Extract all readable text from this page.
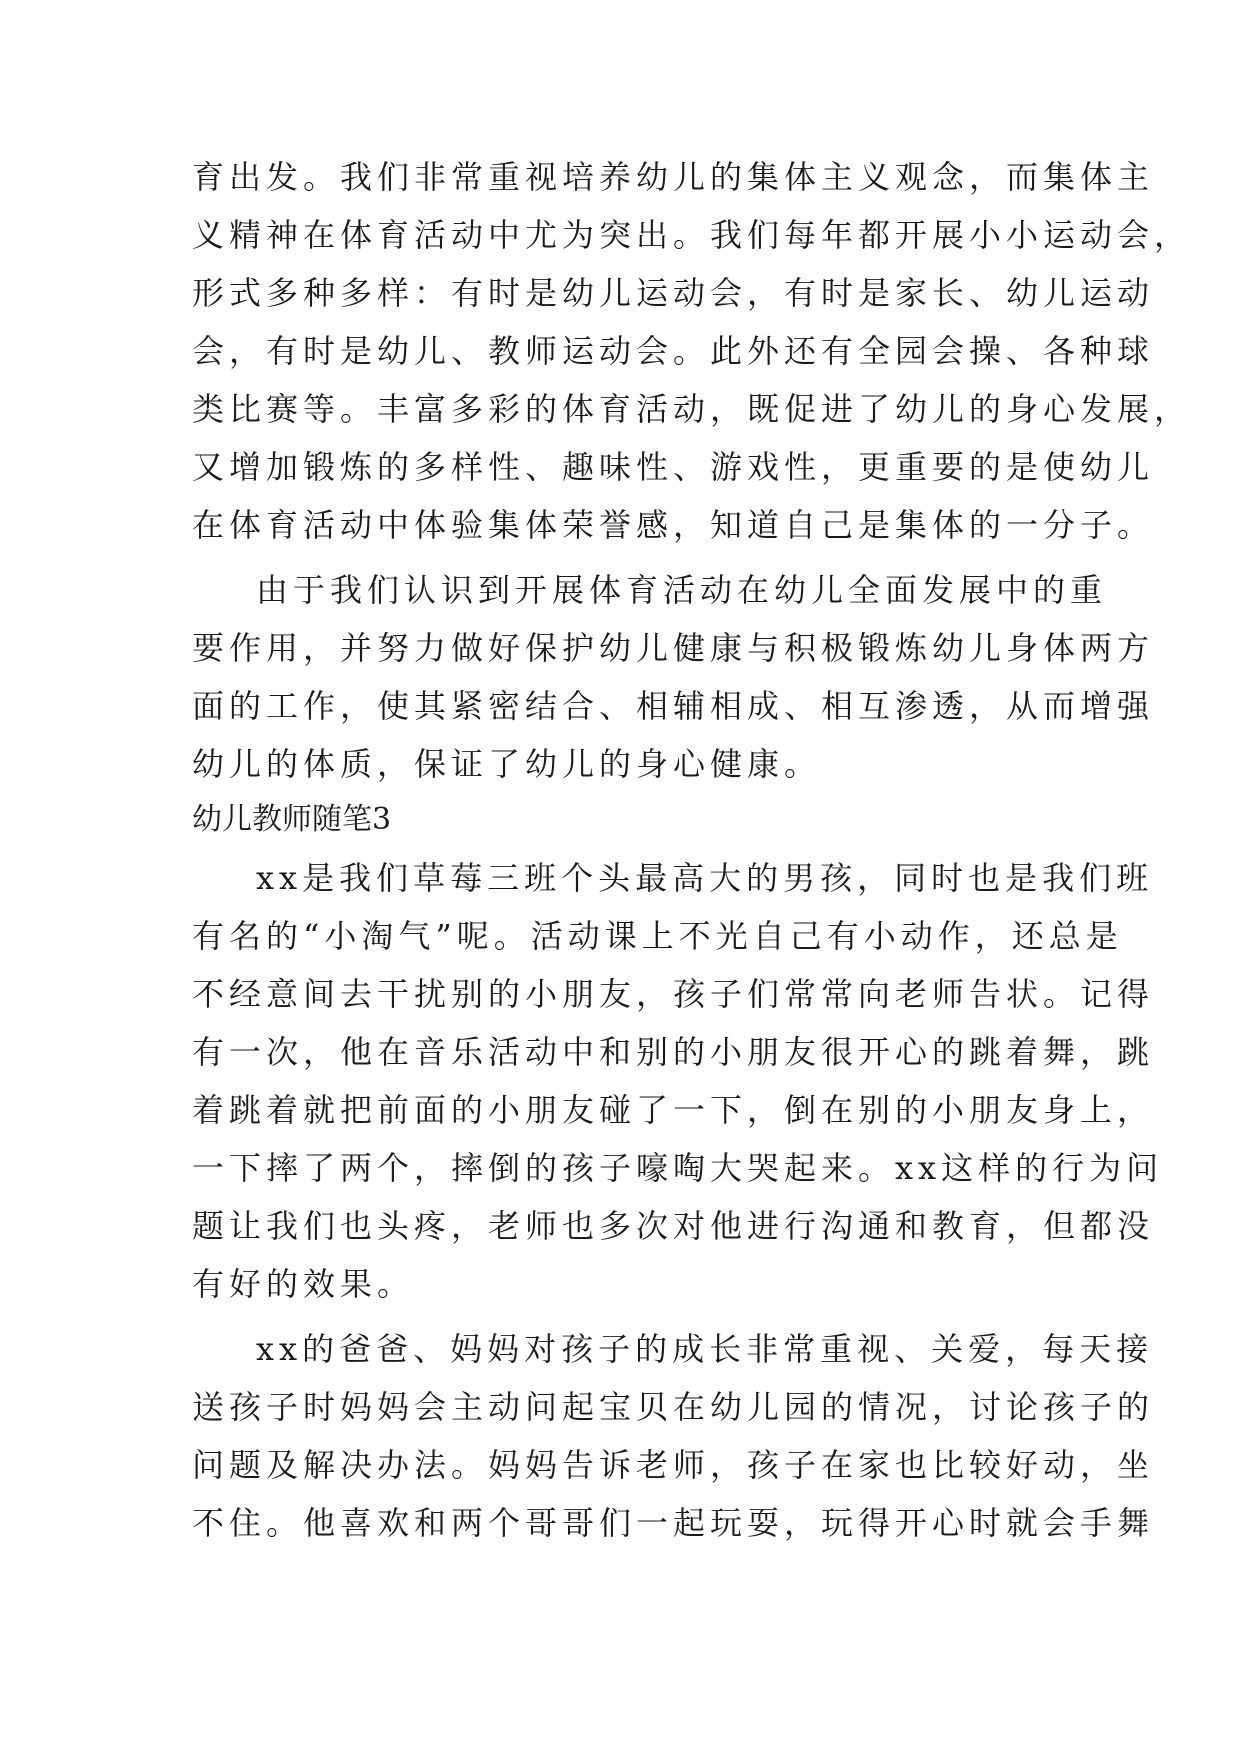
育出发。我们非常重视培养幼儿的集体主义观念，而集体主
义精神在体育活动中尤为突出。我们每年都开展小小运动会，
形式多种多样：有时是幼儿运动会，有时是家长、幼儿运动
会，有时是幼儿、教师运动会。此外还有全园会操、各种球
类比赛等。丰富多彩的体育活动，既促进了幼儿的身心发展，
又增加锻炼的多样性、趣味性、游戏性，更重要的是使幼儿
在体育活动中体验集体荣誉感，知道自己是集体的一分子。
由于我们认识到开展体育活动在幼儿全面发展中的重
要作用，并努力做好保护幼儿健康与积极锻炼幼儿身体两方
面的工作，使其紧密结合、相辅相成、相互渗透，从而增强
幼儿的体质，保证了幼儿的身心健康。
幼儿教师随笔3
xx是我们草莓三班个头最高大的男孩，同时也是我们班
有名的“小淘气”呢。活动课上不光自己有小动作，还总是
不经意间去干扰别的小朋友，孩子们常常向老师告状。记得
有一次，他在音乐活动中和别的小朋友很开心的跳着舞，跳
着跳着就把前面的小朋友碰了一下，倒在别的小朋友身上，
一下摔了两个，摔倒的孩子嚎啕大哭起来。xx这样的行为问
题让我们也头疼，老师也多次对他进行沟通和教育，但都没
有好的效果。
xx的爸爸、妈妈对孩子的成长非常重视、关爱，每天接
送孩子时妈妈会主动问起宝贝在幼儿园的情况，讨论孩子的
问题及解决办法。妈妈告诉老师，孩子在家也比较好动，坐
不住。他喜欢和两个哥哥们一起玩耍，玩得开心时就会手舞
